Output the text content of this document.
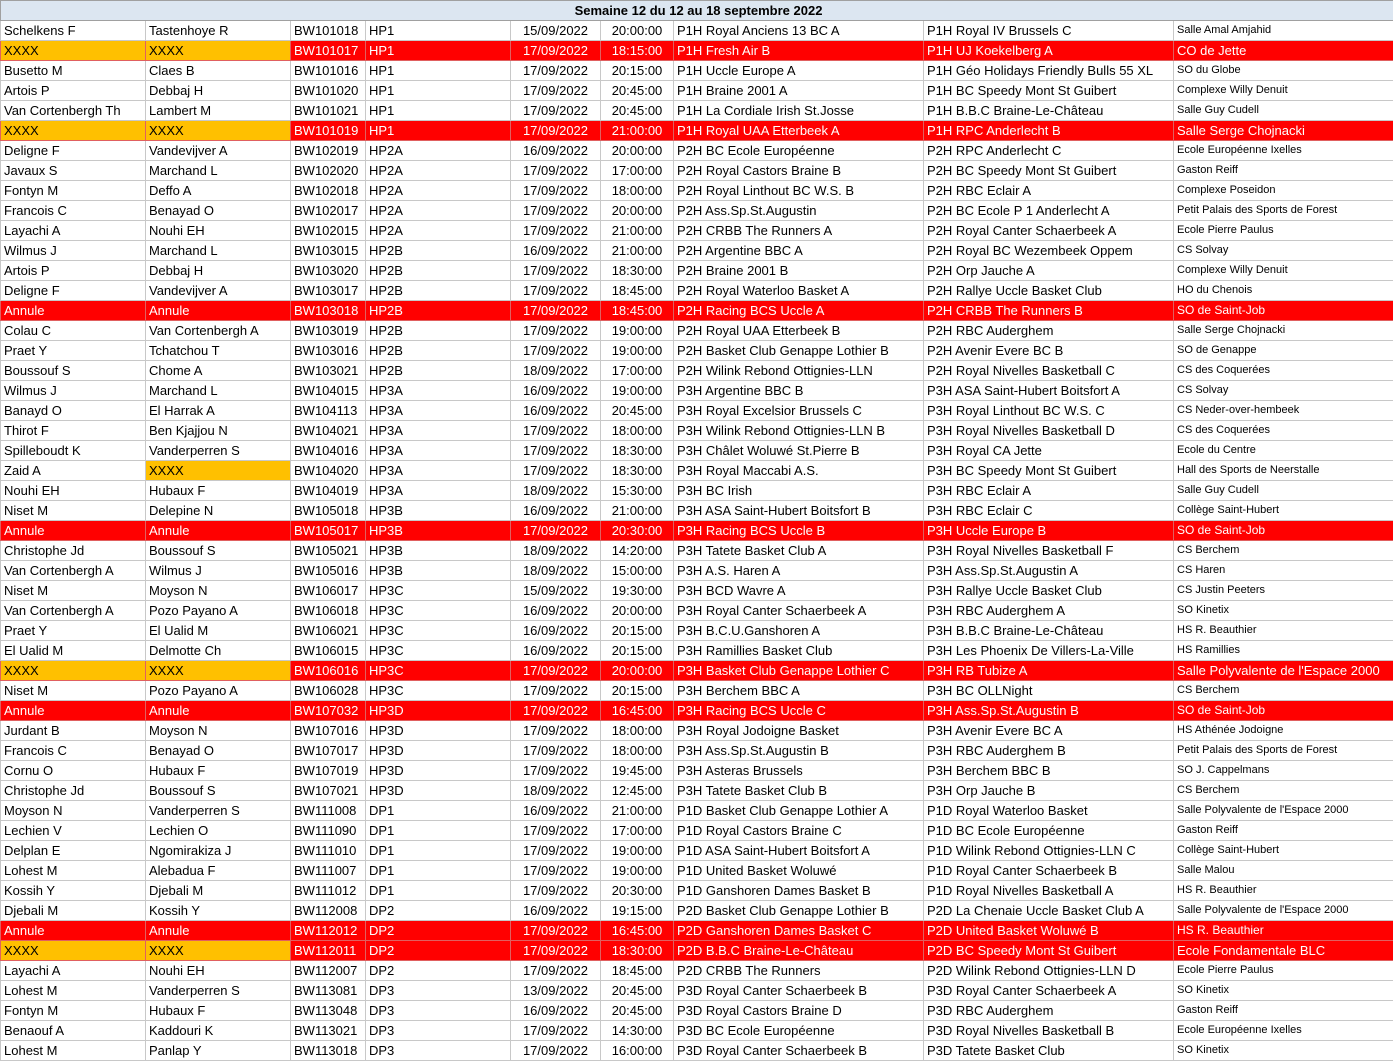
Semaine 12 du 12 au 18 septembre 2022								
Schelkens F	Tastenhoye R	BW101018	HP1	15/09/2022	20:00:00	P1H Royal Anciens 13 BC A	P1H Royal IV Brussels C	Salle Amal Amjahid
XXXX	XXXX	BW101017	HP1	17/09/2022	18:15:00	P1H Fresh Air B	P1H UJ Koekelberg A	CO de Jette
Busetto M	Claes B	BW101016	HP1	17/09/2022	20:15:00	P1H Uccle Europe A	P1H Géo Holidays Friendly Bulls 55 XL	SO du Globe
Artois P	Debbaj H	BW101020	HP1	17/09/2022	20:45:00	P1H Braine 2001 A	P1H BC Speedy Mont St Guibert	Complexe Willy Denuit
Van Cortenbergh Th	Lambert M	BW101021	HP1	17/09/2022	20:45:00	P1H La Cordiale Irish St.Josse	P1H B.B.C Braine-Le-Château	Salle Guy Cudell
XXXX	XXXX	BW101019	HP1	17/09/2022	21:00:00	P1H Royal UAA Etterbeek A	P1H RPC Anderlecht B	Salle Serge Chojnacki
Deligne F	Vandevijver A	BW102019	HP2A	16/09/2022	20:00:00	P2H BC Ecole Européenne	P2H RPC Anderlecht C	Ecole Européenne Ixelles
Javaux S	Marchand L	BW102020	HP2A	17/09/2022	17:00:00	P2H Royal Castors Braine B	P2H BC Speedy Mont St Guibert	Gaston Reiff
Fontyn M	Deffo A	BW102018	HP2A	17/09/2022	18:00:00	P2H Royal Linthout BC W.S. B	P2H RBC Eclair A	Complexe Poseidon
Francois C	Benayad O	BW102017	HP2A	17/09/2022	20:00:00	P2H Ass.Sp.St.Augustin	P2H BC Ecole P 1 Anderlecht A	Petit Palais des Sports de Forest
Layachi A	Nouhi EH	BW102015	HP2A	17/09/2022	21:00:00	P2H CRBB The Runners A	P2H Royal Canter Schaerbeek A	Ecole Pierre Paulus
Wilmus J	Marchand L	BW103015	HP2B	16/09/2022	21:00:00	P2H Argentine BBC A	P2H Royal BC Wezembeek Oppem	CS Solvay
Artois P	Debbaj H	BW103020	HP2B	17/09/2022	18:30:00	P2H Braine 2001 B	P2H Orp Jauche A	Complexe Willy Denuit
Deligne F	Vandevijver A	BW103017	HP2B	17/09/2022	18:45:00	P2H Royal Waterloo Basket A	P2H Rallye Uccle Basket Club	HO du Chenois
Annule	Annule	BW103018	HP2B	17/09/2022	18:45:00	P2H Racing BCS Uccle A	P2H CRBB The Runners B	SO de Saint-Job
Colau C	Van Cortenbergh A	BW103019	HP2B	17/09/2022	19:00:00	P2H Royal UAA Etterbeek B	P2H RBC Auderghem	Salle Serge Chojnacki
Praet Y	Tchatchou T	BW103016	HP2B	17/09/2022	19:00:00	P2H Basket Club Genappe Lothier B	P2H Avenir Evere BC B	SO de Genappe
Boussouf S	Chome A	BW103021	HP2B	18/09/2022	17:00:00	P2H Wilink Rebond Ottignies-LLN	P2H Royal Nivelles Basketball C	CS des Coquerées
Wilmus J	Marchand L	BW104015	HP3A	16/09/2022	19:00:00	P3H Argentine BBC B	P3H ASA Saint-Hubert Boitsfort A	CS Solvay
Banayd O	El Harrak A	BW104113	HP3A	16/09/2022	20:45:00	P3H Royal Excelsior Brussels C	P3H Royal Linthout BC W.S. C	CS Neder-over-hembeek
Thirot F	Ben Kjajjou N	BW104021	HP3A	17/09/2022	18:00:00	P3H Wilink Rebond Ottignies-LLN B	P3H Royal Nivelles Basketball D	CS des Coquerées
Spilleboudt K	Vanderperren S	BW104016	HP3A	17/09/2022	18:30:00	P3H Châlet Woluwé St.Pierre B	P3H Royal CA Jette	Ecole du Centre
Zaid A	XXXX	BW104020	HP3A	17/09/2022	18:30:00	P3H Royal Maccabi A.S.	P3H BC Speedy Mont St Guibert	Hall des Sports de Neerstalle
Nouhi EH	Hubaux F	BW104019	HP3A	18/09/2022	15:30:00	P3H BC Irish	P3H RBC Eclair A	Salle Guy Cudell
Niset M	Delepine N	BW105018	HP3B	16/09/2022	21:00:00	P3H ASA Saint-Hubert Boitsfort B	P3H RBC Eclair C	Collège Saint-Hubert
Annule	Annule	BW105017	HP3B	17/09/2022	20:30:00	P3H Racing BCS Uccle B	P3H Uccle Europe B	SO de Saint-Job
Christophe Jd	Boussouf S	BW105021	HP3B	18/09/2022	14:20:00	P3H Tatete Basket Club A	P3H Royal Nivelles Basketball F	CS Berchem
Van Cortenbergh A	Wilmus J	BW105016	HP3B	18/09/2022	15:00:00	P3H A.S. Haren A	P3H Ass.Sp.St.Augustin A	CS Haren
Niset M	Moyson N	BW106017	HP3C	15/09/2022	19:30:00	P3H BCD Wavre A	P3H Rallye Uccle Basket Club	CS Justin Peeters
Van Cortenbergh A	Pozo Payano A	BW106018	HP3C	16/09/2022	20:00:00	P3H Royal Canter Schaerbeek A	P3H RBC Auderghem A	SO Kinetix
Praet Y	El Ualid M	BW106021	HP3C	16/09/2022	20:15:00	P3H B.C.U.Ganshoren A	P3H B.B.C Braine-Le-Château	HS R. Beauthier
El Ualid M	Delmotte Ch	BW106015	HP3C	16/09/2022	20:15:00	P3H Ramillies Basket Club	P3H Les Phoenix De Villers-La-Ville	HS Ramillies
XXXX	XXXX	BW106016	HP3C	17/09/2022	20:00:00	P3H Basket Club Genappe Lothier C	P3H RB Tubize A	Salle Polyvalente de l'Espace 2000
Niset M	Pozo Payano A	BW106028	HP3C	17/09/2022	20:15:00	P3H Berchem BBC A	P3H BC OLLNight	CS Berchem
Annule	Annule	BW107032	HP3D	17/09/2022	16:45:00	P3H Racing BCS Uccle C	P3H Ass.Sp.St.Augustin B	SO de Saint-Job
Jurdant B	Moyson N	BW107016	HP3D	17/09/2022	18:00:00	P3H Royal Jodoigne Basket	P3H Avenir Evere BC A	HS Athénée Jodoigne
Francois C	Benayad O	BW107017	HP3D	17/09/2022	18:00:00	P3H Ass.Sp.St.Augustin B	P3H RBC Auderghem B	Petit Palais des Sports de Forest
Cornu O	Hubaux F	BW107019	HP3D	17/09/2022	19:45:00	P3H Asteras Brussels	P3H Berchem BBC B	SO J. Cappelmans
Christophe Jd	Boussouf S	BW107021	HP3D	18/09/2022	12:45:00	P3H Tatete Basket Club B	P3H Orp Jauche B	CS Berchem
Moyson N	Vanderperren S	BW111008	DP1	16/09/2022	21:00:00	P1D Basket Club Genappe Lothier A	P1D Royal Waterloo Basket	Salle Polyvalente de l'Espace 2000
Lechien V	Lechien O	BW111090	DP1	17/09/2022	17:00:00	P1D Royal Castors Braine C	P1D BC Ecole Européenne	Gaston Reiff
Delplan E	Ngomirakiza J	BW111010	DP1	17/09/2022	19:00:00	P1D ASA Saint-Hubert Boitsfort A	P1D Wilink Rebond Ottignies-LLN C	Collège Saint-Hubert
Lohest M	Alebadua F	BW111007	DP1	17/09/2022	19:00:00	P1D United Basket Woluwé	P1D Royal Canter Schaerbeek B	Salle Malou
Kossih Y	Djebali M	BW111012	DP1	17/09/2022	20:30:00	P1D Ganshoren Dames Basket B	P1D Royal Nivelles Basketball A	HS R. Beauthier
Djebali M	Kossih Y	BW112008	DP2	16/09/2022	19:15:00	P2D Basket Club Genappe Lothier B	P2D La Chenaie Uccle Basket Club A	Salle Polyvalente de l'Espace 2000
Annule	Annule	BW112012	DP2	17/09/2022	16:45:00	P2D Ganshoren Dames Basket C	P2D United Basket Woluwé B	HS R. Beauthier
XXXX	XXXX	BW112011	DP2	17/09/2022	18:30:00	P2D B.B.C Braine-Le-Château	P2D BC Speedy Mont St Guibert	Ecole Fondamentale BLC
Layachi A	Nouhi EH	BW112007	DP2	17/09/2022	18:45:00	P2D CRBB The Runners	P2D Wilink Rebond Ottignies-LLN D	Ecole Pierre Paulus
Lohest M	Vanderperren S	BW113081	DP3	13/09/2022	20:45:00	P3D Royal Canter Schaerbeek B	P3D Royal Canter Schaerbeek A	SO Kinetix
Fontyn M	Hubaux F	BW113048	DP3	16/09/2022	20:45:00	P3D Royal Castors Braine D	P3D RBC Auderghem	Gaston Reiff
Benaouf A	Kaddouri K	BW113021	DP3	17/09/2022	14:30:00	P3D BC Ecole Européenne	P3D Royal Nivelles Basketball B	Ecole Européenne Ixelles
Lohest M	Panlap Y	BW113018	DP3	17/09/2022	16:00:00	P3D Royal Canter Schaerbeek B	P3D Tatete Basket Club	SO Kinetix
